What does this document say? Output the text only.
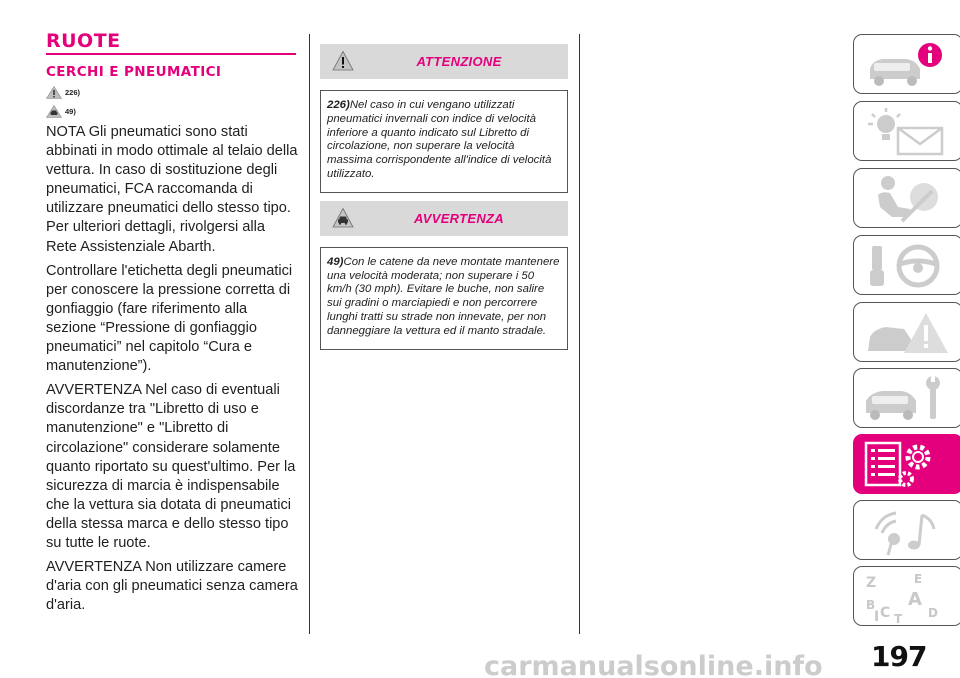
RUOTE
CERCHI E PNEUMATICI
226)
49)

NOTA Gli pneumatici sono stati abbinati in modo ottimale al telaio della vettura. In caso di sostituzione degli pneumatici, FCA raccomanda di utilizzare pneumatici dello stesso tipo. Per ulteriori dettagli, rivolgersi alla Rete Assistenziale Abarth.

Controllare l'etichetta degli pneumatici per conoscere la pressione corretta di gonfiaggio (fare riferimento alla sezione “Pressione di gonfiaggio pneumatici” nel capitolo “Cura e manutenzione”).

AVVERTENZA Nel caso di eventuali discordanze tra "Libretto di uso e manutenzione" e "Libretto di circolazione" considerare solamente quanto riportato su quest'ultimo. Per la sicurezza di marcia è indispensabile che la vettura sia dotata di pneumatici della stessa marca e dello stesso tipo su tutte le ruote.

AVVERTENZA Non utilizzare camere d'aria con gli pneumatici senza camera d'aria.

ATTENZIONE
226)Nel caso in cui vengano utilizzati pneumatici invernali con indice di velocità inferiore a quanto indicato sul Libretto di circolazione, non superare la velocità massima corrispondente all'indice di velocità utilizzato.
AVVERTENZA
49)Con le catene da neve montate mantenere una velocità moderata; non superare i 50 km/h (30 mph). Evitare le buche, non salire sui gradini o marciapiedi e non percorrere lunghi tratti su strade non innevate, per non danneggiare la vettura ed il manto stradale.
Z	E
B A
C	D
T
I
197
carmanualsonline.info
